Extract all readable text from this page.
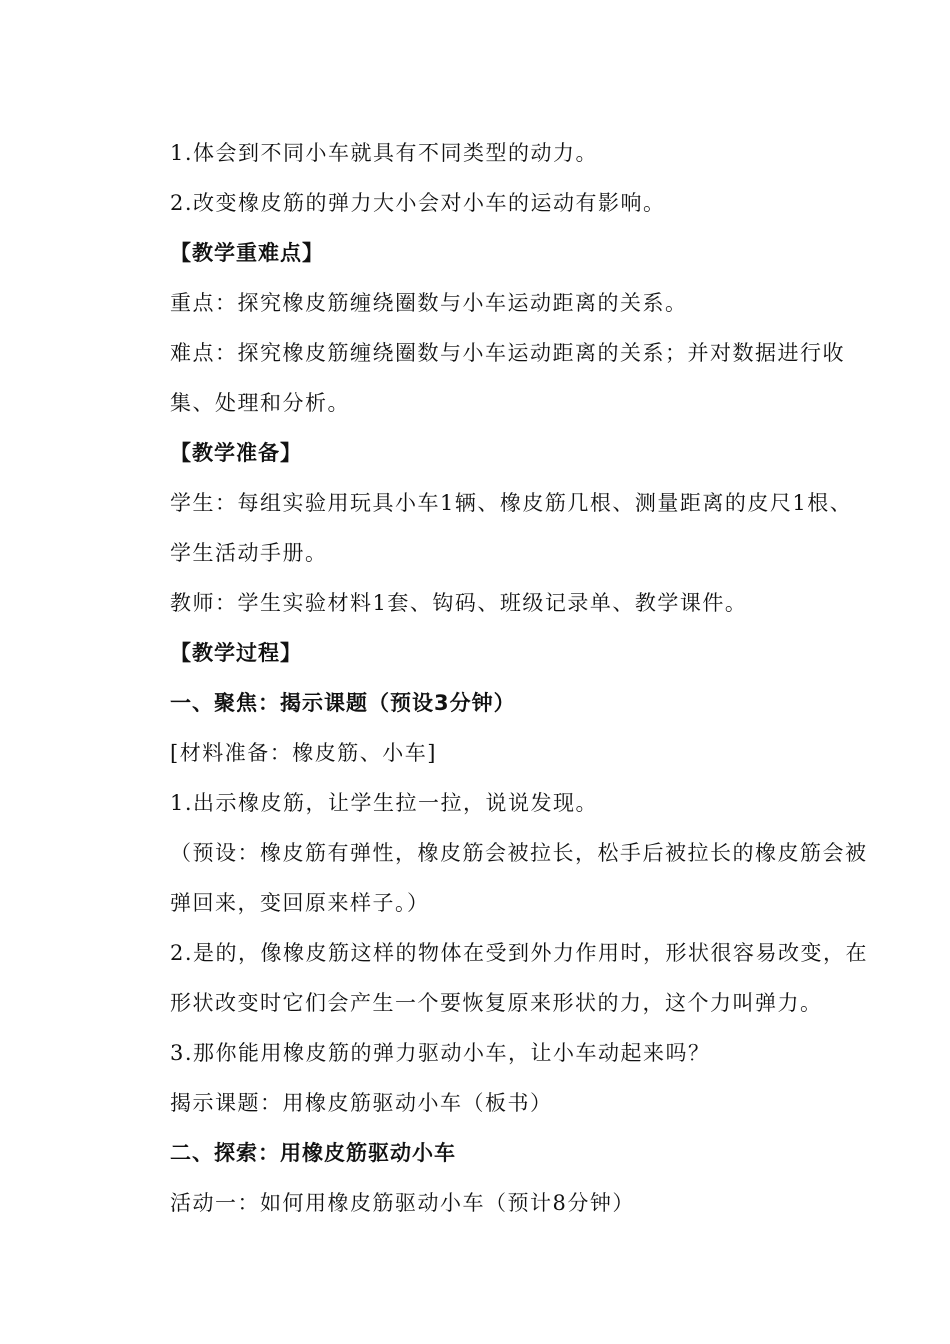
1.体会到不同小车就具有不同类型的动力。
2.改变橡皮筋的弹力大小会对小车的运动有影响。
【教学重难点】
重点：探究橡皮筋缠绕圈数与小车运动距离的关系。
难点：探究橡皮筋缠绕圈数与小车运动距离的关系；并对数据进行收
集、处理和分析。
【教学准备】
学生：每组实验用玩具小车1辆、橡皮筋几根、测量距离的皮尺1根、
学生活动手册。
教师：学生实验材料1套、钩码、班级记录单、教学课件。
【教学过程】
一、聚焦：揭示课题（预设3分钟）
[材料准备：橡皮筋、小车]
1.出示橡皮筋，让学生拉一拉，说说发现。
（预设：橡皮筋有弹性，橡皮筋会被拉长，松手后被拉长的橡皮筋会被
弹回来，变回原来样子。）
2.是的，像橡皮筋这样的物体在受到外力作用时，形状很容易改变，在
形状改变时它们会产生一个要恢复原来形状的力，这个力叫弹力。
3.那你能用橡皮筋的弹力驱动小车，让小车动起来吗？
揭示课题：用橡皮筋驱动小车（板书）
二、探索：用橡皮筋驱动小车
活动一：如何用橡皮筋驱动小车（预计8分钟）
